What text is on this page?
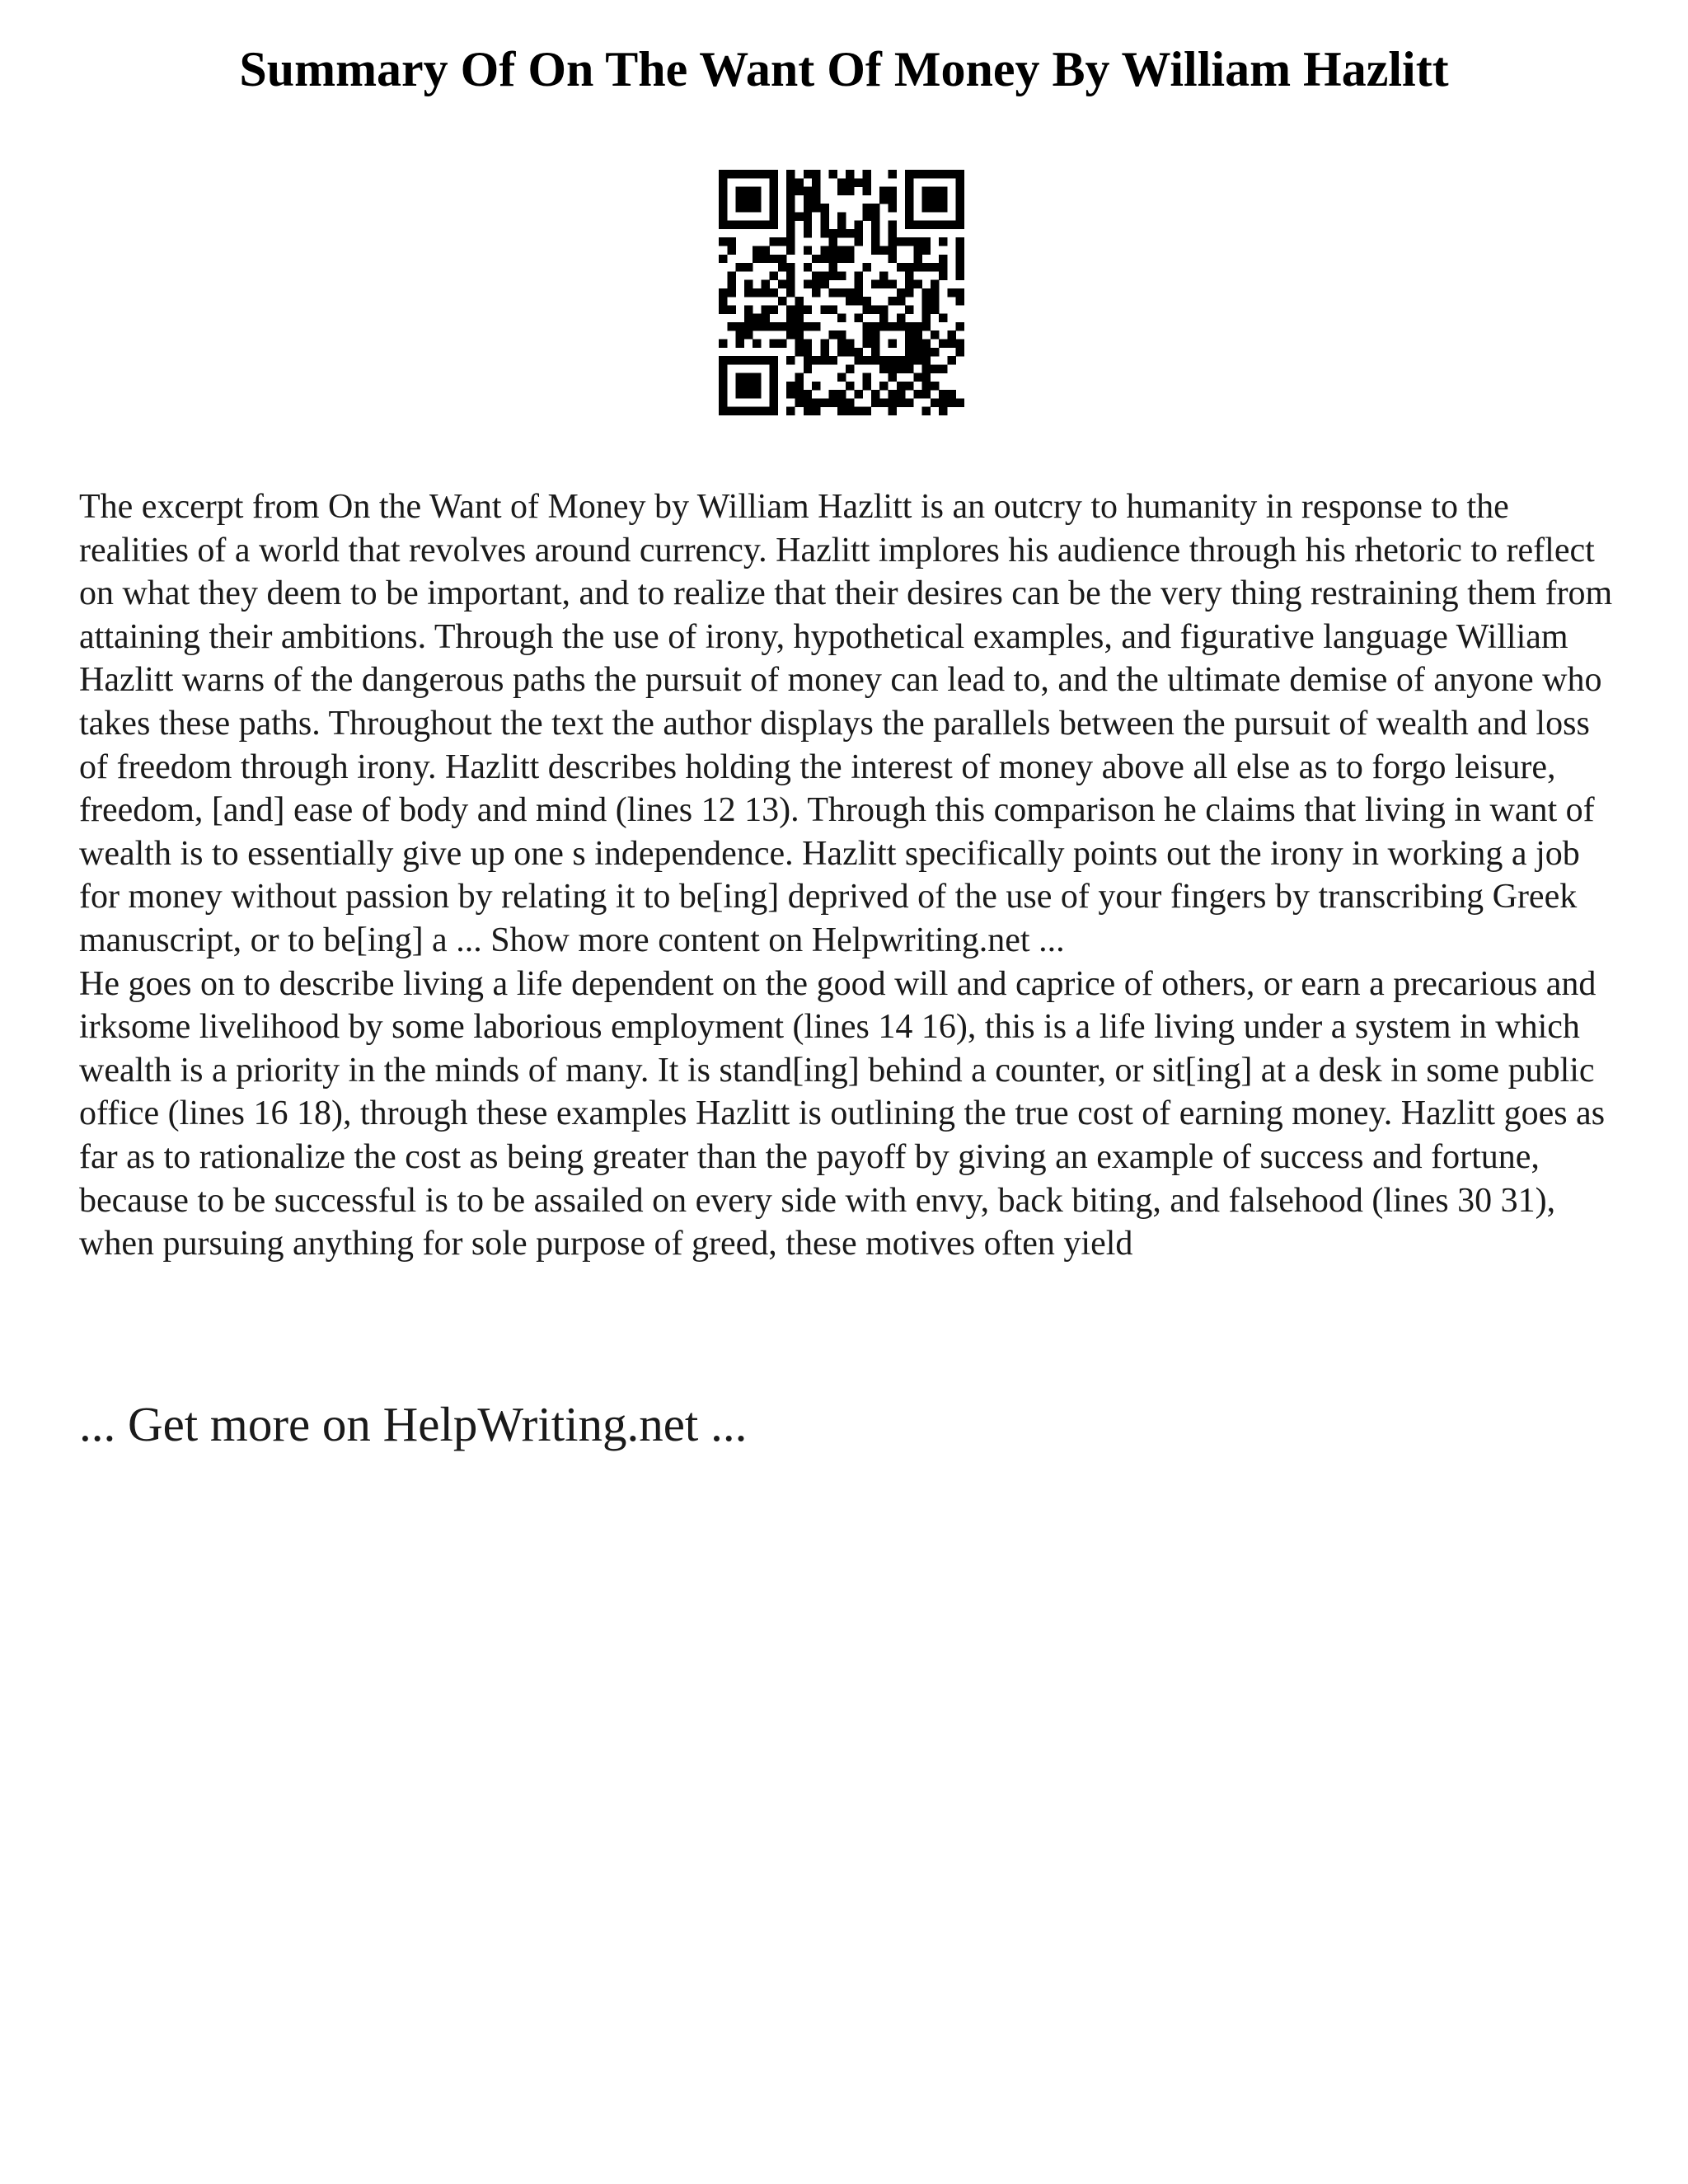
Summary Of On The Want Of Money By William Hazlitt

The excerpt from On the Want of Money by William Hazlitt is an outcry to humanity in response to the realities of a world that revolves around currency. Hazlitt implores his audience through his rhetoric to reflect on what they deem to be important, and to realize that their desires can be the very thing restraining them from attaining their ambitions. Through the use of irony, hypothetical examples, and figurative language William Hazlitt warns of the dangerous paths the pursuit of money can lead to, and the ultimate demise of anyone who takes these paths. Throughout the text the author displays the parallels between the pursuit of wealth and loss of freedom through irony. Hazlitt describes holding the interest of money above all else as to forgo leisure, freedom, [and] ease of body and mind (lines 12 13). Through this comparison he claims that living in want of wealth is to essentially give up one s independence. Hazlitt specifically points out the irony in working a job for money without passion by relating it to be[ing] deprived of the use of your fingers by transcribing Greek manuscript, or to be[ing] a ... Show more content on Helpwriting.net ...

He goes on to describe living a life dependent on the good will and caprice of others, or earn a precarious and irksome livelihood by some laborious employment (lines 14 16), this is a life living under a system in which wealth is a priority in the minds of many. It is stand[ing] behind a counter, or sit[ing] at a desk in some public office (lines 16 18), through these examples Hazlitt is outlining the true cost of earning money. Hazlitt goes as far as to rationalize the cost as being greater than the payoff by giving an example of success and fortune, because to be successful is to be assailed on every side with envy, back biting, and falsehood (lines 30 31), when pursuing anything for sole purpose of greed, these motives often yield

... Get more on HelpWriting.net ...
